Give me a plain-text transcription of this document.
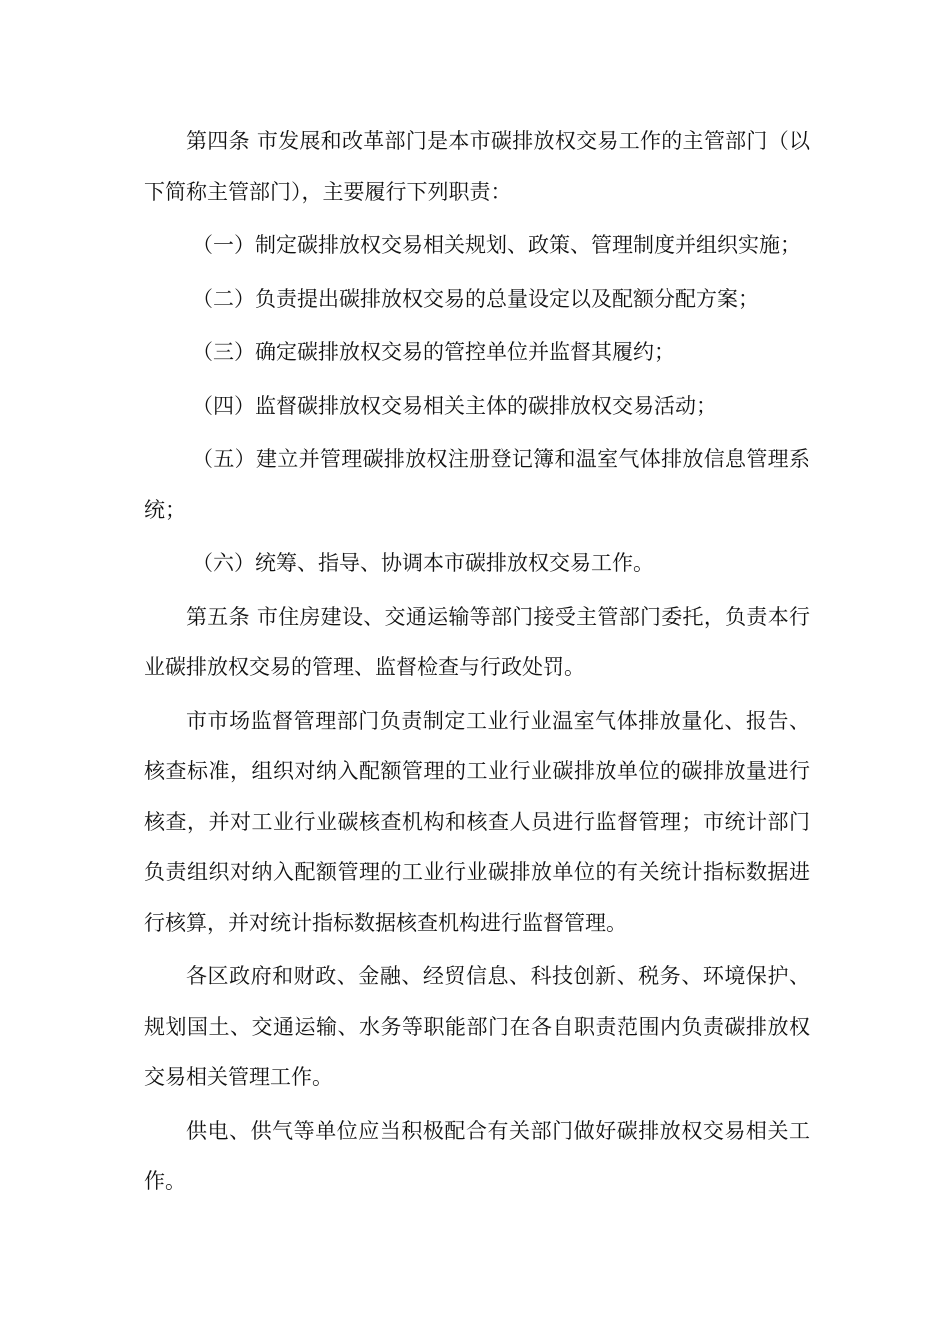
第四条 市发展和改革部门是本市碳排放权交易工作的主管部门（以下简称主管部门），主要履行下列职责：

（一）制定碳排放权交易相关规划、政策、管理制度并组织实施；

（二）负责提出碳排放权交易的总量设定以及配额分配方案；

（三）确定碳排放权交易的管控单位并监督其履约；

（四）监督碳排放权交易相关主体的碳排放权交易活动；

（五）建立并管理碳排放权注册登记簿和温室气体排放信息管理系统；

（六）统筹、指导、协调本市碳排放权交易工作。

第五条 市住房建设、交通运输等部门接受主管部门委托，负责本行业碳排放权交易的管理、监督检查与行政处罚。

市市场监督管理部门负责制定工业行业温室气体排放量化、报告、核查标准，组织对纳入配额管理的工业行业碳排放单位的碳排放量进行核查，并对工业行业碳核查机构和核查人员进行监督管理；市统计部门负责组织对纳入配额管理的工业行业碳排放单位的有关统计指标数据进行核算，并对统计指标数据核查机构进行监督管理。

各区政府和财政、金融、经贸信息、科技创新、税务、环境保护、规划国土、交通运输、水务等职能部门在各自职责范围内负责碳排放权交易相关管理工作。

供电、供气等单位应当积极配合有关部门做好碳排放权交易相关工作。
